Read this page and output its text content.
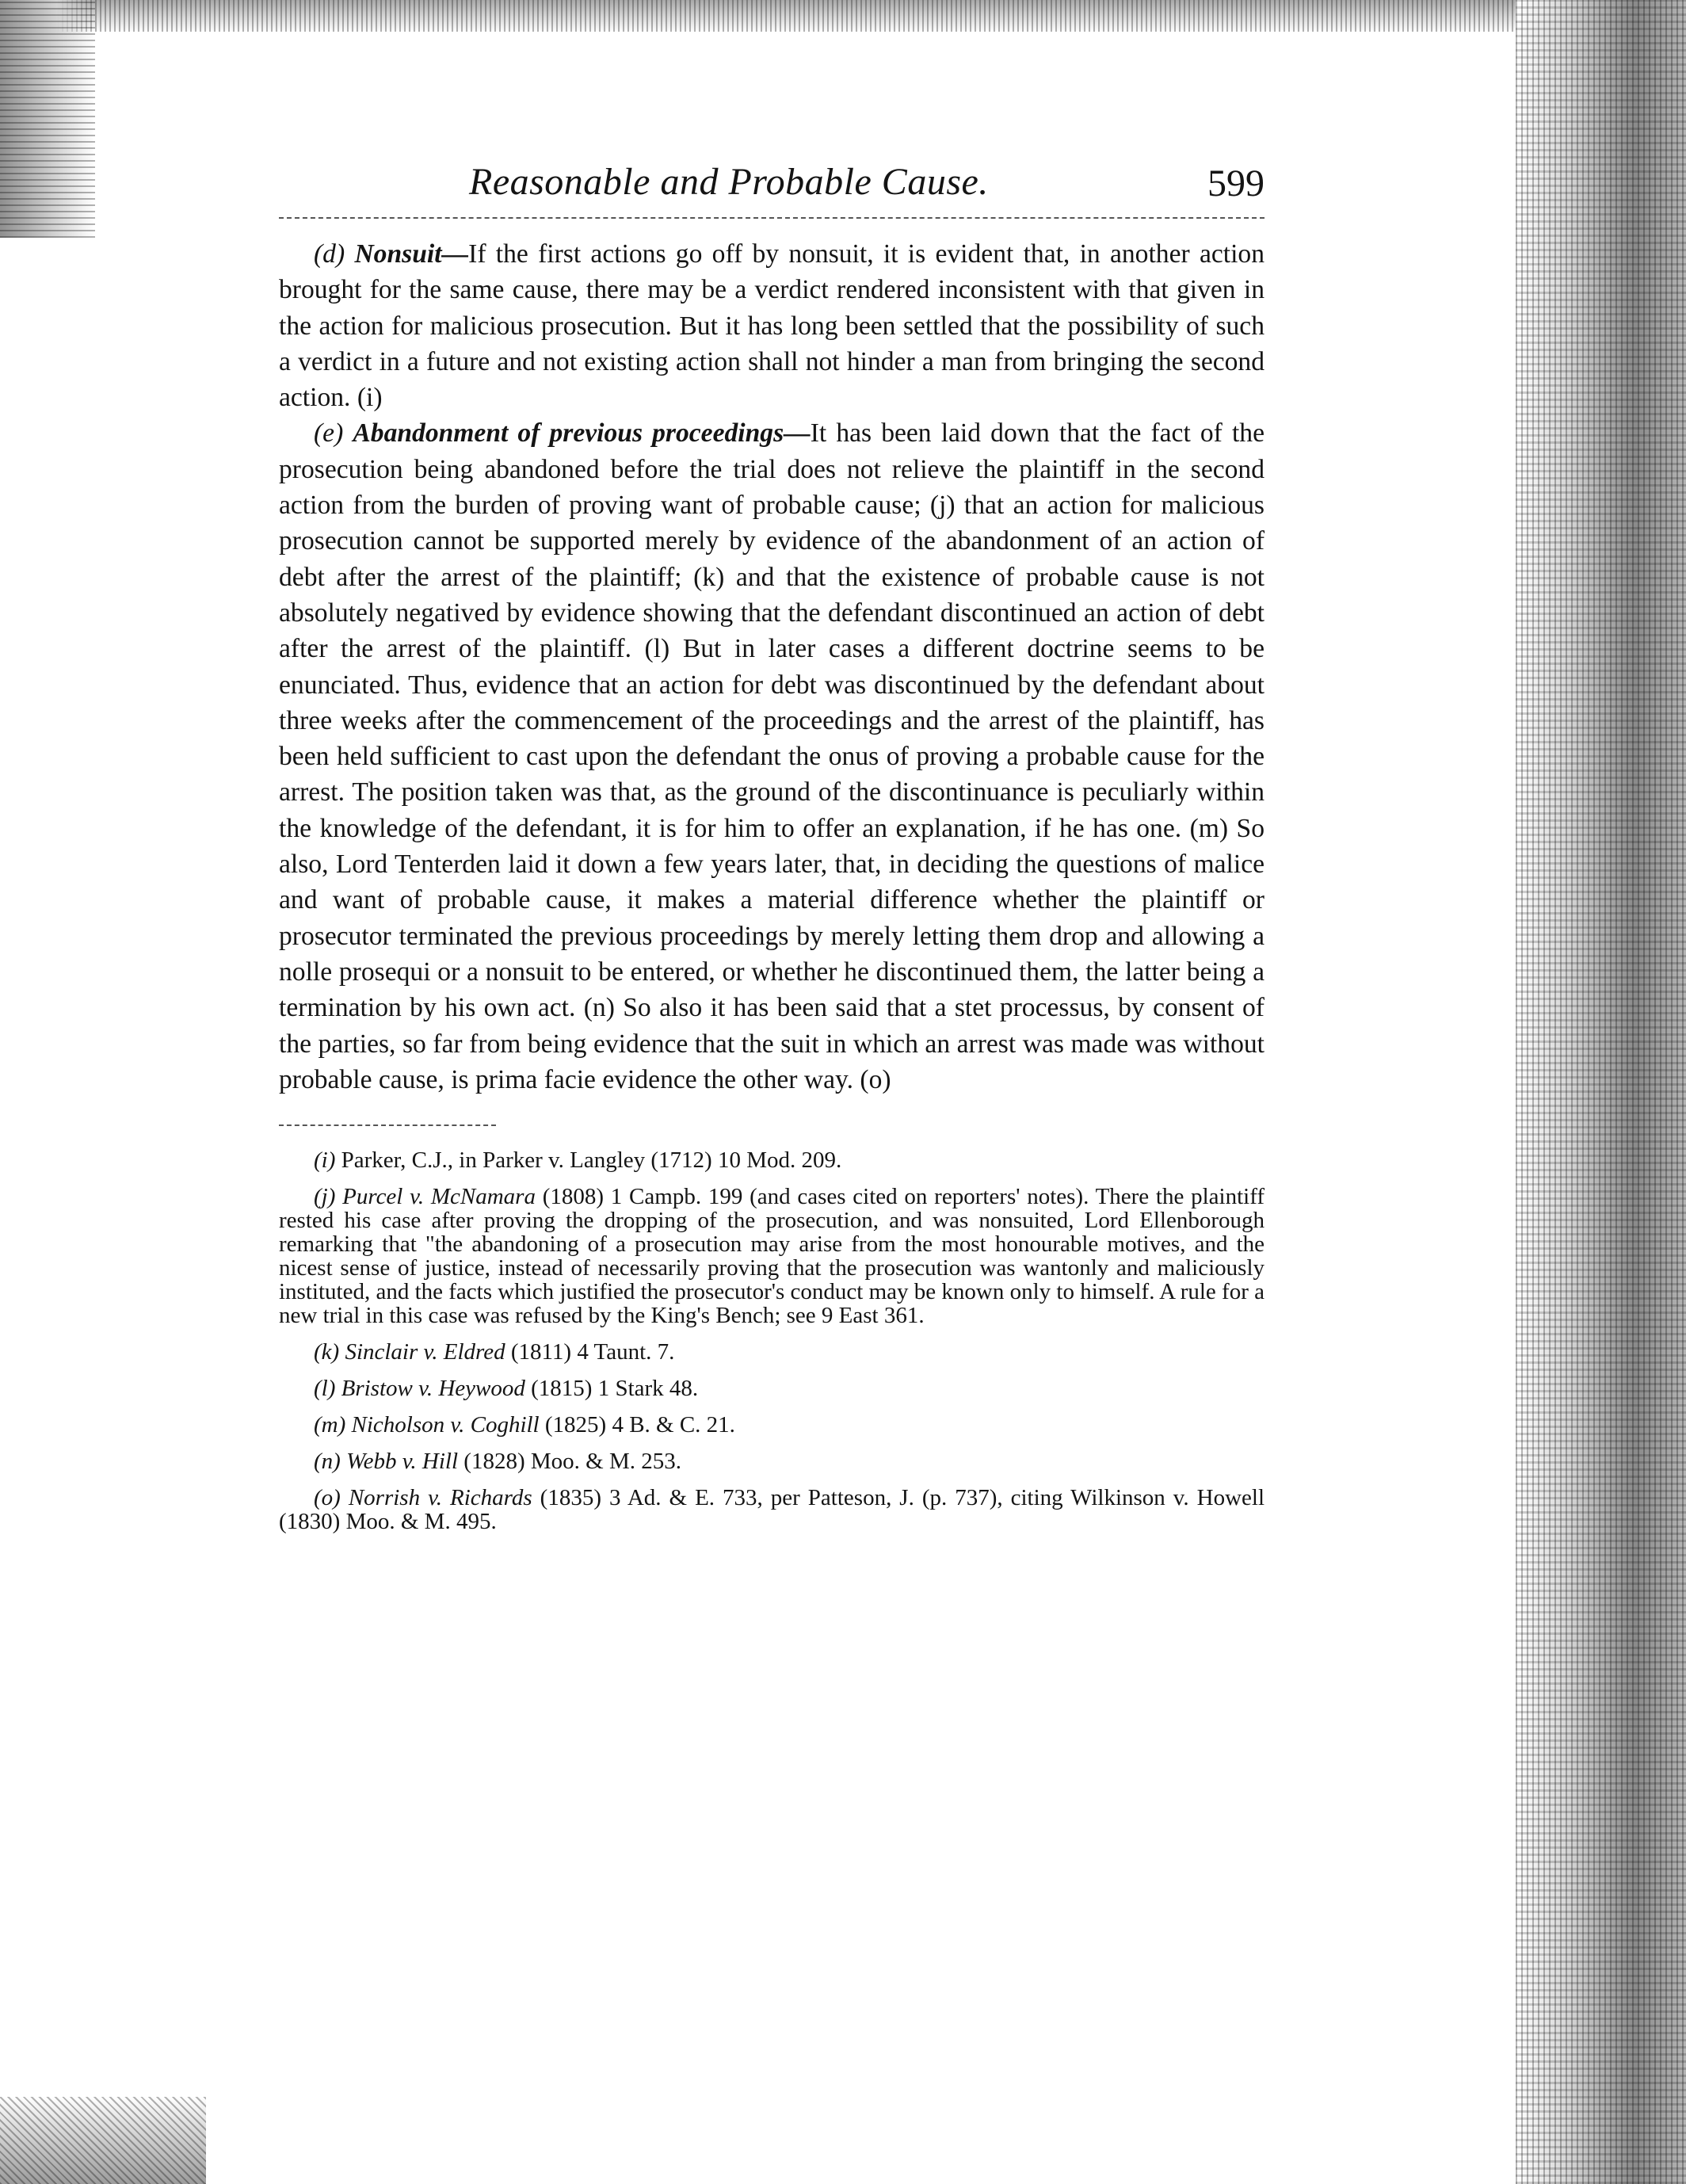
Reasonable and Probable Cause.	599

(d) Nonsuit—If the first actions go off by nonsuit, it is evident that, in another action brought for the same cause, there may be a verdict rendered inconsistent with that given in the action for malicious prosecution. But it has long been settled that the possibility of such a verdict in a future and not existing action shall not hinder a man from bringing the second action. (i)

(e) Abandonment of previous proceedings—It has been laid down that the fact of the prosecution being abandoned before the trial does not relieve the plaintiff in the second action from the burden of proving want of probable cause; (j) that an action for malicious prosecution cannot be supported merely by evidence of the abandonment of an action of debt after the arrest of the plaintiff; (k) and that the existence of probable cause is not absolutely negatived by evidence showing that the defendant discontinued an action of debt after the arrest of the plaintiff. (l) But in later cases a different doctrine seems to be enunciated. Thus, evidence that an action for debt was discontinued by the defendant about three weeks after the commencement of the proceedings and the arrest of the plaintiff, has been held sufficient to cast upon the defendant the onus of proving a probable cause for the arrest. The position taken was that, as the ground of the discontinuance is peculiarly within the knowledge of the defendant, it is for him to offer an explanation, if he has one. (m) So also, Lord Tenterden laid it down a few years later, that, in deciding the questions of malice and want of probable cause, it makes a material difference whether the plaintiff or prosecutor terminated the previous proceedings by merely letting them drop and allowing a nolle prosequi or a nonsuit to be entered, or whether he discontinued them, the latter being a termination by his own act. (n) So also it has been said that a stet processus, by consent of the parties, so far from being evidence that the suit in which an arrest was made was without probable cause, is prima facie evidence the other way. (o)

(i) Parker, C.J., in Parker v. Langley (1712) 10 Mod. 209.

(j) Purcel v. McNamara (1808) 1 Campb. 199 (and cases cited on reporters' notes). There the plaintiff rested his case after proving the dropping of the prosecution, and was nonsuited, Lord Ellenborough remarking that "the abandoning of a prosecution may arise from the most honourable motives, and the nicest sense of justice, instead of necessarily proving that the prosecution was wantonly and maliciously instituted, and the facts which justified the prosecutor's conduct may be known only to himself. A rule for a new trial in this case was refused by the King's Bench; see 9 East 361.

(k) Sinclair v. Eldred (1811) 4 Taunt. 7.

(l) Bristow v. Heywood (1815) 1 Stark 48.

(m) Nicholson v. Coghill (1825) 4 B. & C. 21.

(n) Webb v. Hill (1828) Moo. & M. 253.

(o) Norrish v. Richards (1835) 3 Ad. & E. 733, per Patteson, J. (p. 737), citing Wilkinson v. Howell (1830) Moo. & M. 495.
